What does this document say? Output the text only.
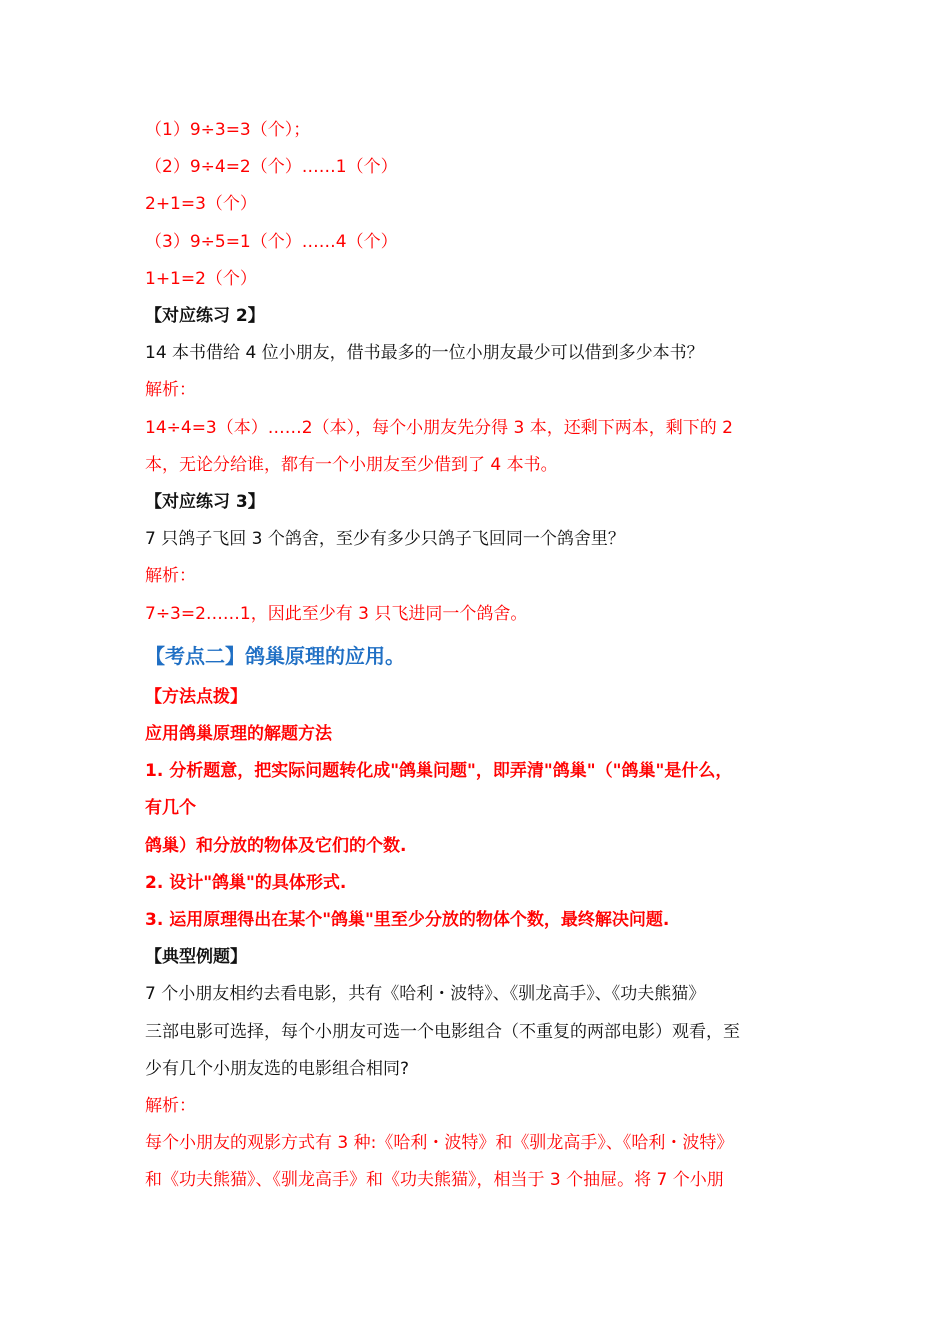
（1）9÷3=3（个）；

（2）9÷4=2（个）……1（个）

2+1=3（个）

（3）9÷5=1（个）……4（个）

1+1=2（个）

【对应练习 2】

14 本书借给 4 位小朋友，借书最多的一位小朋友最少可以借到多少本书？

解析：

14÷4=3（本）……2（本），每个小朋友先分得 3 本，还剩下两本，剩下的 2

本，无论分给谁，都有一个小朋友至少借到了 4 本书。

【对应练习 3】

7 只鸽子飞回 3 个鸽舍，至少有多少只鸽子飞回同一个鸽舍里？

解析：

7÷3=2……1，因此至少有 3 只飞进同一个鸽舍。

【考点二】鸽巢原理的应用。

【方法点拨】

应用鸽巢原理的解题方法

1. 分析题意，把实际问题转化成"鸽巢问题"，即弄清"鸽巢"（"鸽巢"是什么，

有几个

鸽巢）和分放的物体及它们的个数.

2. 设计"鸽巢"的具体形式.

3. 运用原理得出在某个"鸽巢"里至少分放的物体个数，最终解决问题.

【典型例题】

7 个小朋友相约去看电影，共有《哈利・波特》、《驯龙高手》、《功夫熊猫》

三部电影可选择，每个小朋友可选一个电影组合（不重复的两部电影）观看，至

少有几个小朋友选的电影组合相同?

解析：

每个小朋友的观影方式有 3 种:《哈利・波特》和《驯龙高手》、《哈利・波特》

和《功夫熊猫》、《驯龙高手》和《功夫熊猫》，相当于 3 个抽屉。将 7 个小朋
